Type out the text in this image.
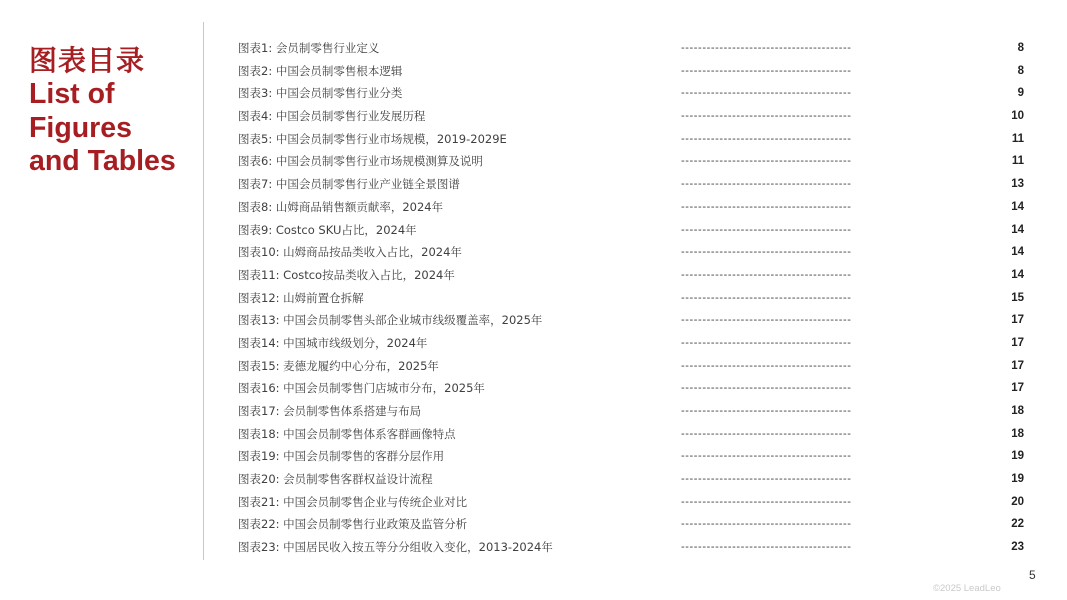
图表目录
List of
Figures
and Tables
图表1: 会员制零售行业定义	----------------------------------------	8
图表2: 中国会员制零售根本逻辑	----------------------------------------	8
图表3: 中国会员制零售行业分类	----------------------------------------	9
图表4: 中国会员制零售行业发展历程	----------------------------------------	10
图表5: 中国会员制零售行业市场规模，2019-2029E	----------------------------------------	11
图表6: 中国会员制零售行业市场规模测算及说明	----------------------------------------	11
图表7: 中国会员制零售行业产业链全景图谱	----------------------------------------	13
图表8: 山姆商品销售额贡献率，2024年	----------------------------------------	14
图表9: Costco SKU占比，2024年	----------------------------------------	14
图表10: 山姆商品按品类收入占比，2024年	----------------------------------------	14
图表11: Costco按品类收入占比，2024年	----------------------------------------	14
图表12: 山姆前置仓拆解	----------------------------------------	15
图表13: 中国会员制零售头部企业城市线级覆盖率，2025年	----------------------------------------	17
图表14: 中国城市线级划分，2024年	----------------------------------------	17
图表15: 麦德龙履约中心分布，2025年	----------------------------------------	17
图表16: 中国会员制零售门店城市分布，2025年	----------------------------------------	17
图表17: 会员制零售体系搭建与布局	----------------------------------------	18
图表18: 中国会员制零售体系客群画像特点	----------------------------------------	18
图表19: 中国会员制零售的客群分层作用	----------------------------------------	19
图表20: 会员制零售客群权益设计流程	----------------------------------------	19
图表21: 中国会员制零售企业与传统企业对比	----------------------------------------	20
图表22: 中国会员制零售行业政策及监管分析	----------------------------------------	22
图表23: 中国居民收入按五等分分组收入变化，2013-2024年	----------------------------------------	23
5
©2025 LeadLeo
